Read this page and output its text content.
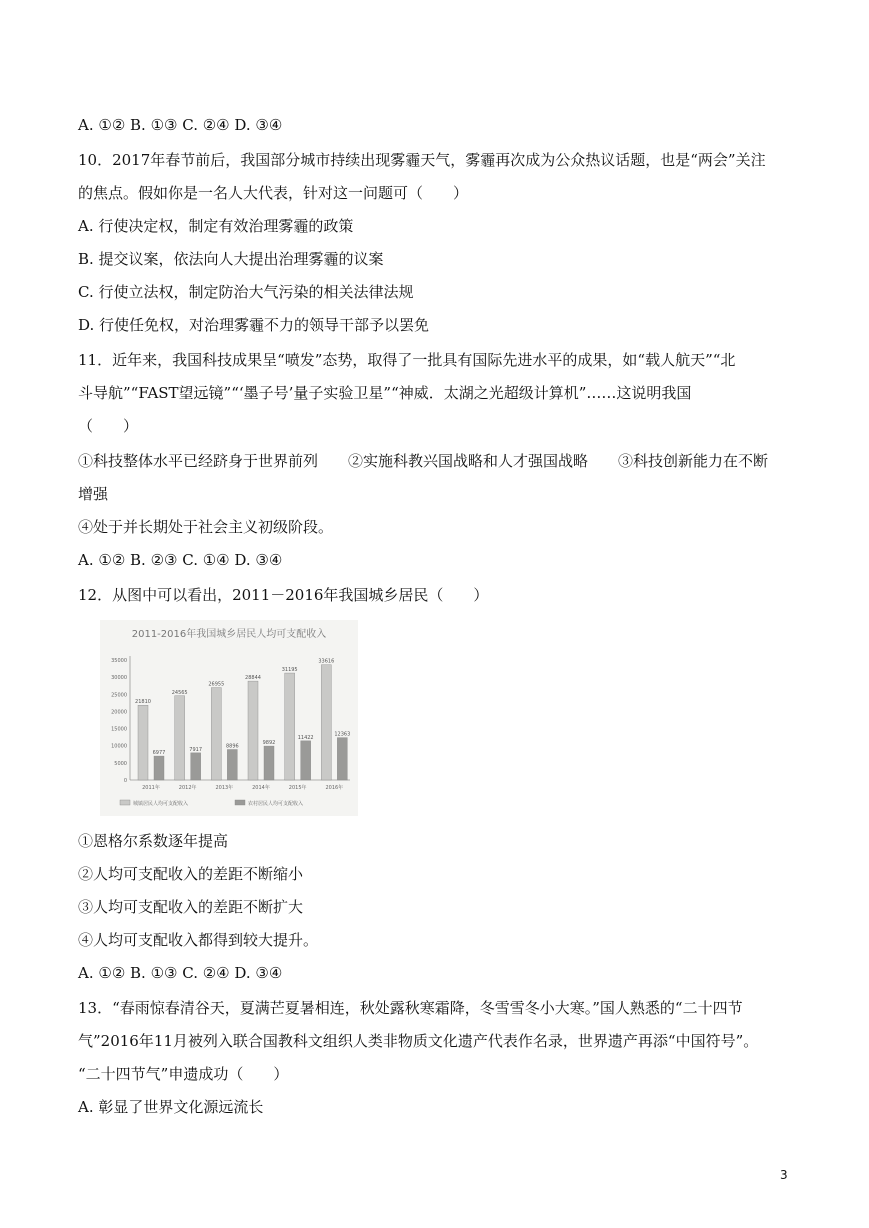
A. ①② B. ①③ C. ②④ D. ③④
10．2017年春节前后，我国部分城市持续出现雾霾天气，雾霾再次成为公众热议话题，也是“两会”关注
的焦点。假如你是一名人大代表，针对这一问题可（　　）
A. 行使决定权，制定有效治理雾霾的政策
B. 提交议案，依法向人大提出治理雾霾的议案
C. 行使立法权，制定防治大气污染的相关法律法规
D. 行使任免权，对治理雾霾不力的领导干部予以罢免
11．近年来，我国科技成果呈“喷发”态势，取得了一批具有国际先进水平的成果，如“载人航天”“北
斗导航”“FAST望远镜”“‘墨子号’量子实验卫星”“神威．太湖之光超级计算机”……这说明我国
（　　）
①科技整体水平已经跻身于世界前列　　②实施科教兴国战略和人才强国战略　　③科技创新能力在不断
增强
④处于并长期处于社会主义初级阶段。
A. ①② B. ②③ C. ①④ D. ③④
12．从图中可以看出，2011－2016年我国城乡居民（　　）
①恩格尔系数逐年提高
②人均可支配收入的差距不断缩小
③人均可支配收入的差距不断扩大
④人均可支配收入都得到较大提升。
A. ①② B. ①③ C. ②④ D. ③④
13．“春雨惊春清谷天，夏满芒夏暑相连，秋处露秋寒霜降，冬雪雪冬小大寒。”国人熟悉的“二十四节
气”2016年11月被列入联合国教科文组织人类非物质文化遗产代表作名录，世界遗产再添“中国符号”。
“二十四节气”申遗成功（　　）
A. 彰显了世界文化源远流长
2011-2016年我国城乡居民人均可支配收入
0
5000
10000
15000
20000
25000
30000
35000
21810
6977
2011年
24565
7917
2012年
26955
8896
2013年
28844
9892
2014年
31195
11422
2015年
33616
12363
2016年
城镇居民人均可支配收入	农村居民人均可支配收入
3
